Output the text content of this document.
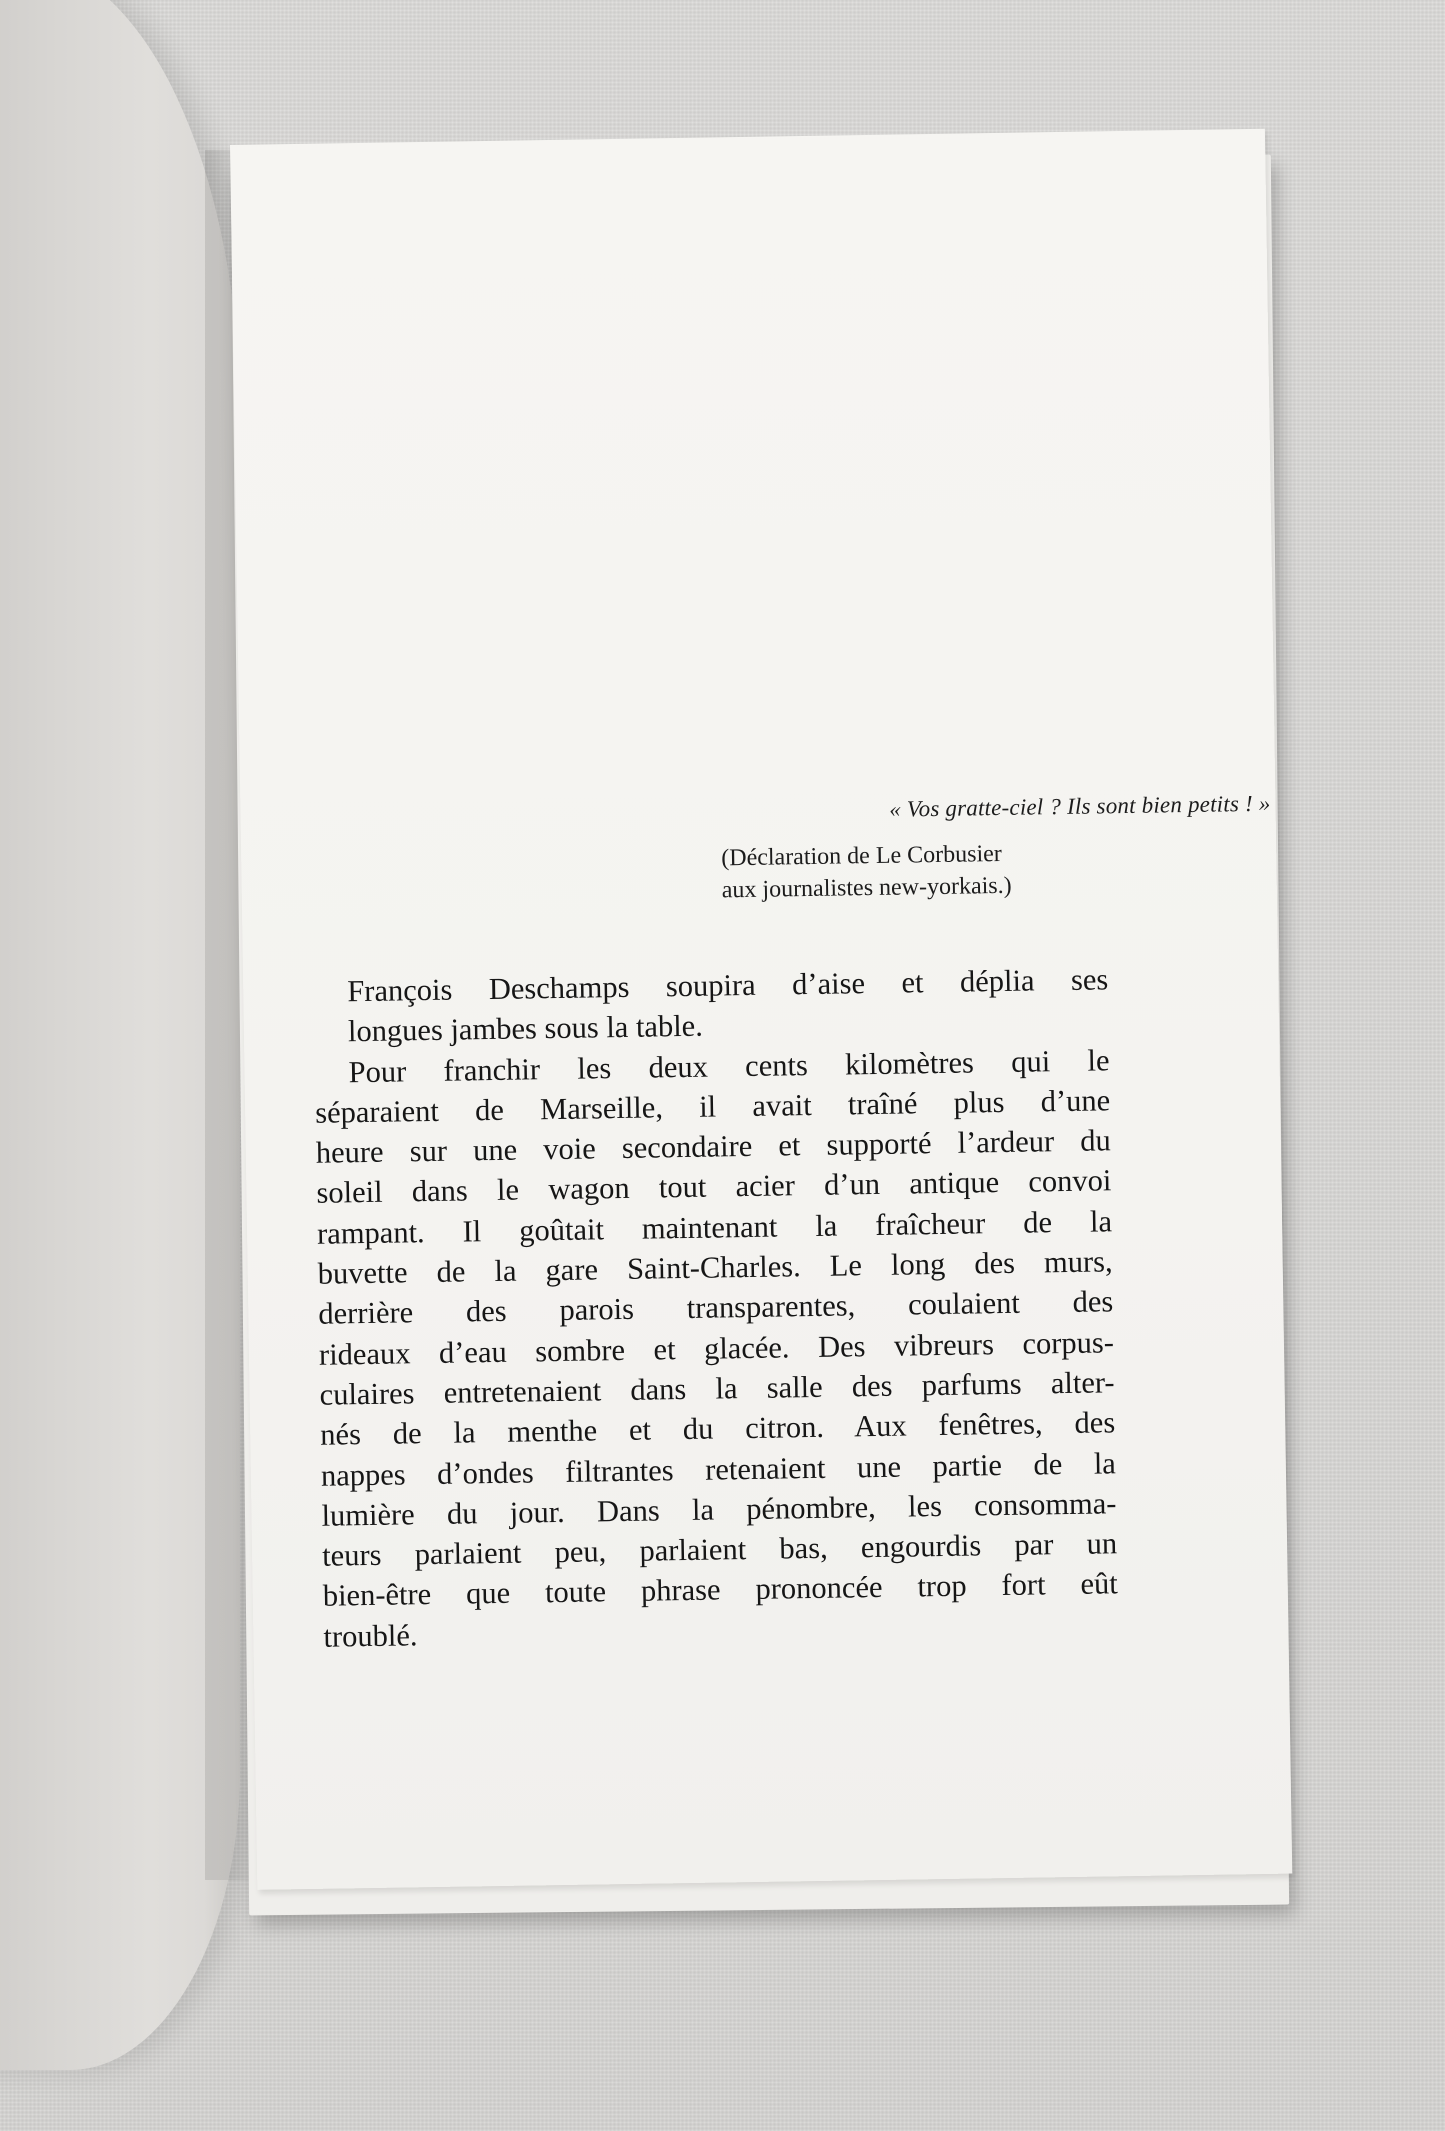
« Vos gratte-ciel ? Ils sont bien petits ! »
(Déclaration de Le Corbusier
aux journalistes new-yorkais.)

François Deschamps soupira d’aise et déplia ses
longues jambes sous la table.

Pour franchir les deux cents kilomètres qui le
séparaient de Marseille, il avait traîné plus d’une
heure sur une voie secondaire et supporté l’ardeur du
soleil dans le wagon tout acier d’un antique convoi
rampant. Il goûtait maintenant la fraîcheur de la
buvette de la gare Saint-Charles. Le long des murs,
derrière des parois transparentes, coulaient des
rideaux d’eau sombre et glacée. Des vibreurs corpus-
culaires entretenaient dans la salle des parfums alter-
nés de la menthe et du citron. Aux fenêtres, des
nappes d’ondes filtrantes retenaient une partie de la
lumière du jour. Dans la pénombre, les consomma-
teurs parlaient peu, parlaient bas, engourdis par un
bien-être que toute phrase prononcée trop fort eût
troublé.
